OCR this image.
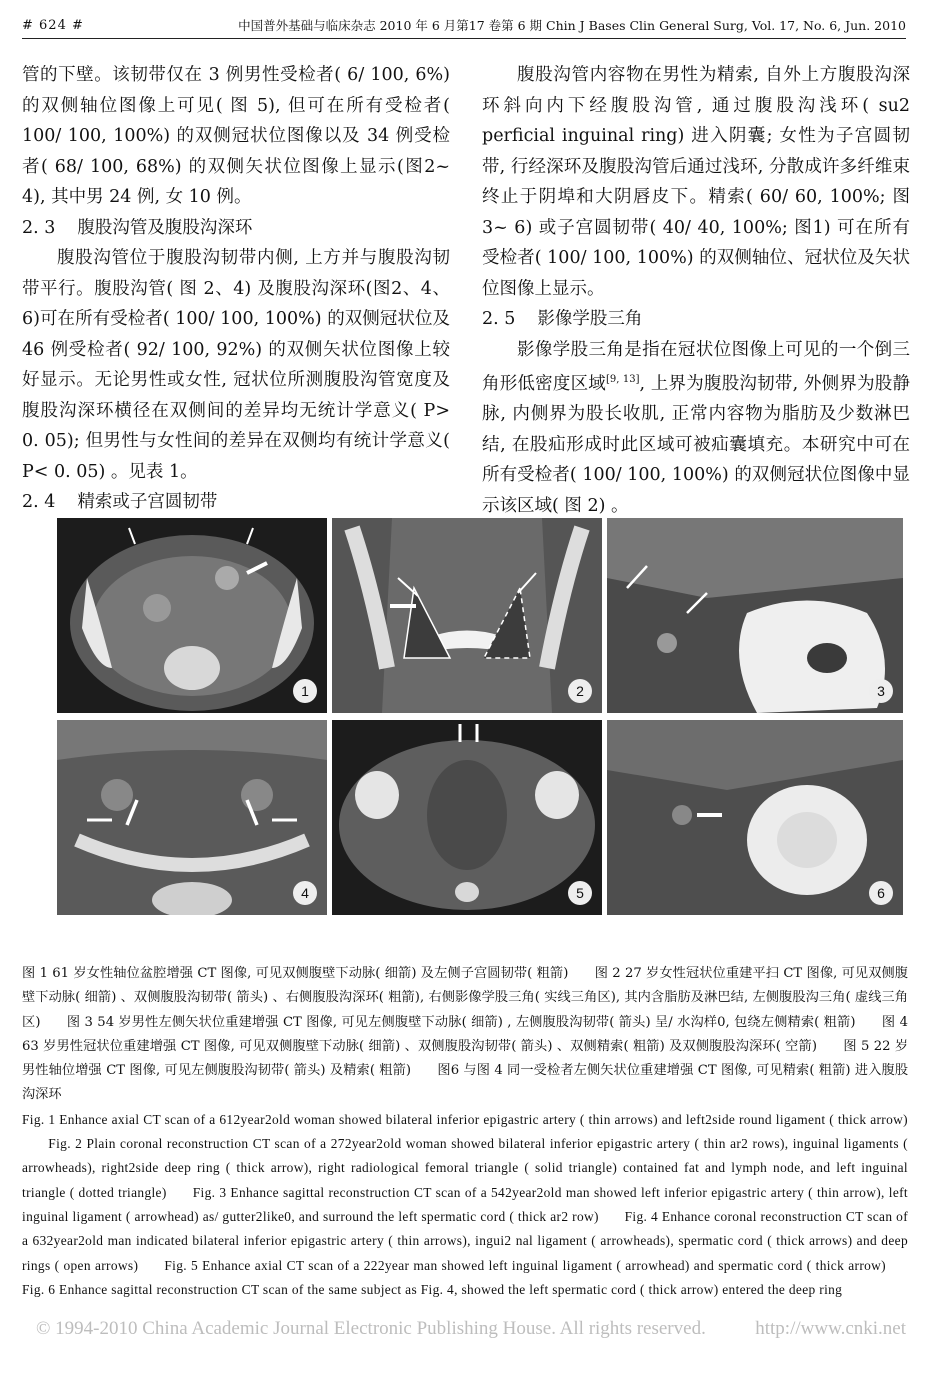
# 624 #	中国普外基础与临床杂志 2010 年 6 月第17 卷第 6 期 Chin J Bases Clin General Surg, Vol. 17, No. 6, Jun. 2010

管的下壁。该韧带仅在 3 例男性受检者( 6/ 100, 6%) 的双侧轴位图像上可见( 图 5), 但可在所有受检者( 100/ 100, 100%) 的双侧冠状位图像以及 34 例受检者( 68/ 100, 68%) 的双侧矢状位图像上显示(图2~ 4), 其中男 24 例, 女 10 例。

2. 3 腹股沟管及腹股沟深环

腹股沟管位于腹股沟韧带内侧, 上方并与腹股沟韧带平行。腹股沟管( 图 2、4) 及腹股沟深环(图2、4、6)可在所有受检者( 100/ 100, 100%) 的双侧冠状位及 46 例受检者( 92/ 100, 92%) 的双侧矢状位图像上较好显示。无论男性或女性, 冠状位所测腹股沟管宽度及腹股沟深环横径在双侧间的差异均无统计学意义( P> 0. 05); 但男性与女性间的差异在双侧均有统计学意义( P< 0. 05) 。见表 1。

2. 4 精索或子宫圆韧带

腹股沟管内容物在男性为精索, 自外上方腹股沟深环斜向内下经腹股沟管, 通过腹股沟浅环( su2 perficial inguinal ring) 进入阴囊; 女性为子宫圆韧带, 行经深环及腹股沟管后通过浅环, 分散成许多纤维束终止于阴埠和大阴唇皮下。精索( 60/ 60, 100%; 图3~ 6) 或子宫圆韧带( 40/ 40, 100%; 图1) 可在所有受检者( 100/ 100, 100%) 的双侧轴位、冠状位及矢状位图像上显示。

2. 5 影像学股三角

影像学股三角是指在冠状位图像上可见的一个倒三角形低密度区域[9, 13], 上界为腹股沟韧带, 外侧界为股静脉, 内侧界为股长收肌, 正常内容物为脂肪及少数淋巴结, 在股疝形成时此区域可被疝囊填充。本研究中可在所有受检者( 100/ 100, 100%) 的双侧冠状位图像中显示该区域( 图 2) 。

1	2	3
4	5	6

图 1 61 岁女性轴位盆腔增强 CT 图像, 可见双侧腹壁下动脉( 细箭) 及左侧子宫圆韧带( 粗箭) 图 2 27 岁女性冠状位重建平扫 CT 图像, 可见双侧腹壁下动脉( 细箭) 、双侧腹股沟韧带( 箭头) 、右侧腹股沟深环( 粗箭), 右侧影像学股三角( 实线三角区), 其内含脂肪及淋巴结, 左侧腹股沟三角( 虚线三角区) 图 3 54 岁男性左侧矢状位重建增强 CT 图像, 可见左侧腹壁下动脉( 细箭) , 左侧腹股沟韧带( 箭头) 呈/ 水沟样0, 包绕左侧精索( 粗箭) 图 4 63 岁男性冠状位重建增强 CT 图像, 可见双侧腹壁下动脉( 细箭) 、双侧腹股沟韧带( 箭头) 、双侧精索( 粗箭) 及双侧腹股沟深环( 空箭) 图 5 22 岁男性轴位增强 CT 图像, 可见左侧腹股沟韧带( 箭头) 及精索( 粗箭) 图6 与图 4 同一受检者左侧矢状位重建增强 CT 图像, 可见精索( 粗箭) 进入腹股沟深环

Fig. 1 Enhance axial CT scan of a 612year2old woman showed bilateral inferior epigastric artery ( thin arrows) and left2side round ligament ( thick arrow) Fig. 2 Plain coronal reconstruction CT scan of a 272year2old woman showed bilateral inferior epigastric artery ( thin ar2 rows), inguinal ligaments ( arrowheads), right2side deep ring ( thick arrow), right radiological femoral triangle ( solid triangle) contained fat and lymph node, and left inguinal triangle ( dotted triangle) Fig. 3 Enhance sagittal reconstruction CT scan of a 542year2old man showed left inferior epigastric artery ( thin arrow), left inguinal ligament ( arrowhead) as/ gutter2like0, and surround the left spermatic cord ( thick ar2 row) Fig. 4 Enhance coronal reconstruction CT scan of a 632year2old man indicated bilateral inferior epigastric artery ( thin arrows), ingui2 nal ligament ( arrowheads), spermatic cord ( thick arrows) and deep rings ( open arrows) Fig. 5 Enhance axial CT scan of a 222year man showed left inguinal ligament ( arrowhead) and spermatic cord ( thick arrow) Fig. 6 Enhance sagittal reconstruction CT scan of the same subject as Fig. 4, showed the left spermatic cord ( thick arrow) entered the deep ring

© 1994-2010 China Academic Journal Electronic Publishing House. All rights reserved.	http://www.cnki.net
